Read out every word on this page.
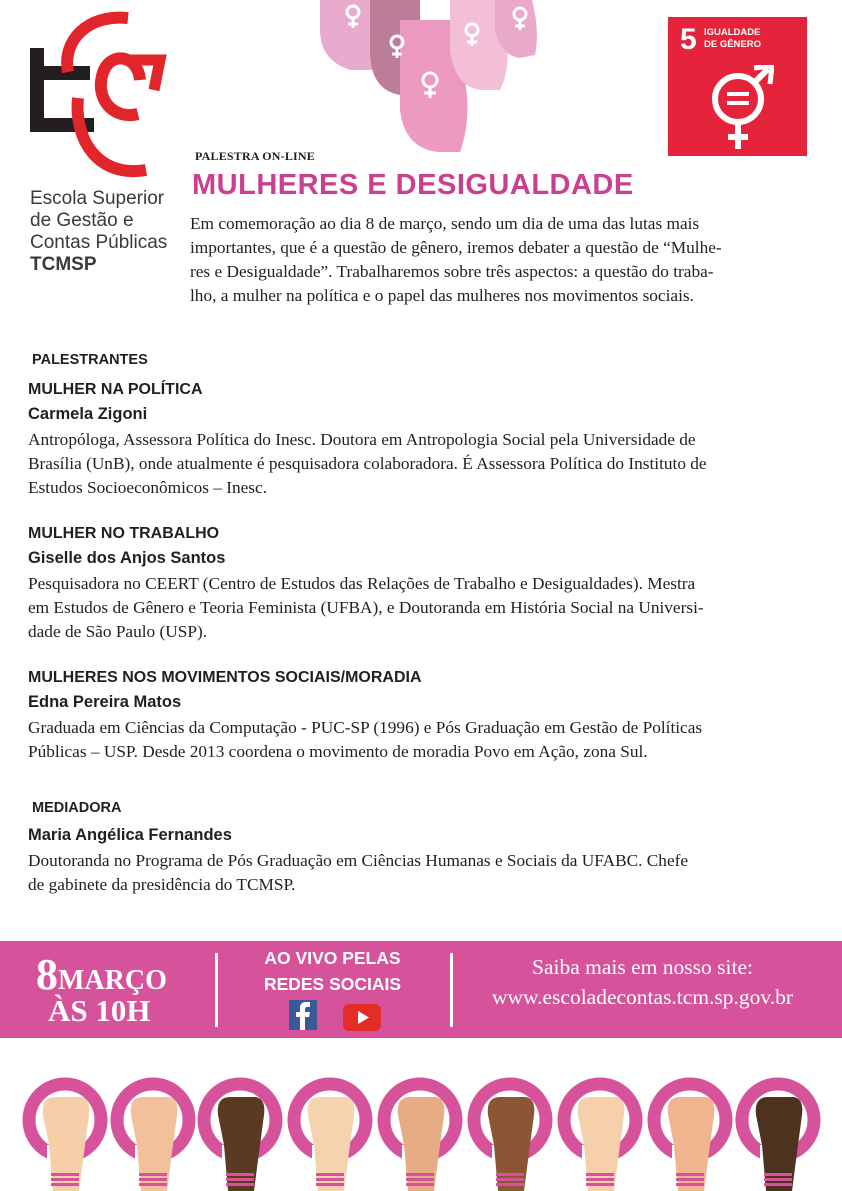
Escola Superior
de Gestão e
Contas Públicas
TCMSP
5 IGUALDADE
DE GÊNERO
PALESTRA ON-LINE
MULHERES E DESIGUALDADE
Em comemoração ao dia 8 de março, sendo um dia de uma das lutas mais
importantes, que é a questão de gênero, iremos debater a questão de “Mulhe-
res e Desigualdade”. Trabalharemos sobre três aspectos: a questão do traba-
lho, a mulher na política e o papel das mulheres nos movimentos sociais.
PALESTRANTES
MULHER NA POLÍTICA
Carmela Zigoni
Antropóloga, Assessora Política do Inesc. Doutora em Antropologia Social pela Universidade de
Brasília (UnB), onde atualmente é pesquisadora colaboradora. É Assessora Política do Instituto de
Estudos Socioeconômicos – Inesc.
MULHER NO TRABALHO
Giselle dos Anjos Santos
Pesquisadora no CEERT (Centro de Estudos das Relações de Trabalho e Desigualdades). Mestra
em Estudos de Gênero e Teoria Feminista (UFBA), e Doutoranda em História Social na Universi-
dade de São Paulo (USP).
MULHERES NOS MOVIMENTOS SOCIAIS/MORADIA
Edna Pereira Matos
Graduada em Ciências da Computação - PUC-SP (1996) e Pós Graduação em Gestão de Políticas
Públicas – USP. Desde 2013 coordena o movimento de moradia Povo em Ação, zona Sul.
MEDIADORA
Maria Angélica Fernandes
Doutoranda no Programa de Pós Graduação em Ciências Humanas e Sociais da UFABC. Chefe
de gabinete da presidência do TCMSP.
8MARÇO
ÀS 10H
AO VIVO PELAS
REDES SOCIAIS
Saiba mais em nosso site:
www.escoladecontas.tcm.sp.gov.br
